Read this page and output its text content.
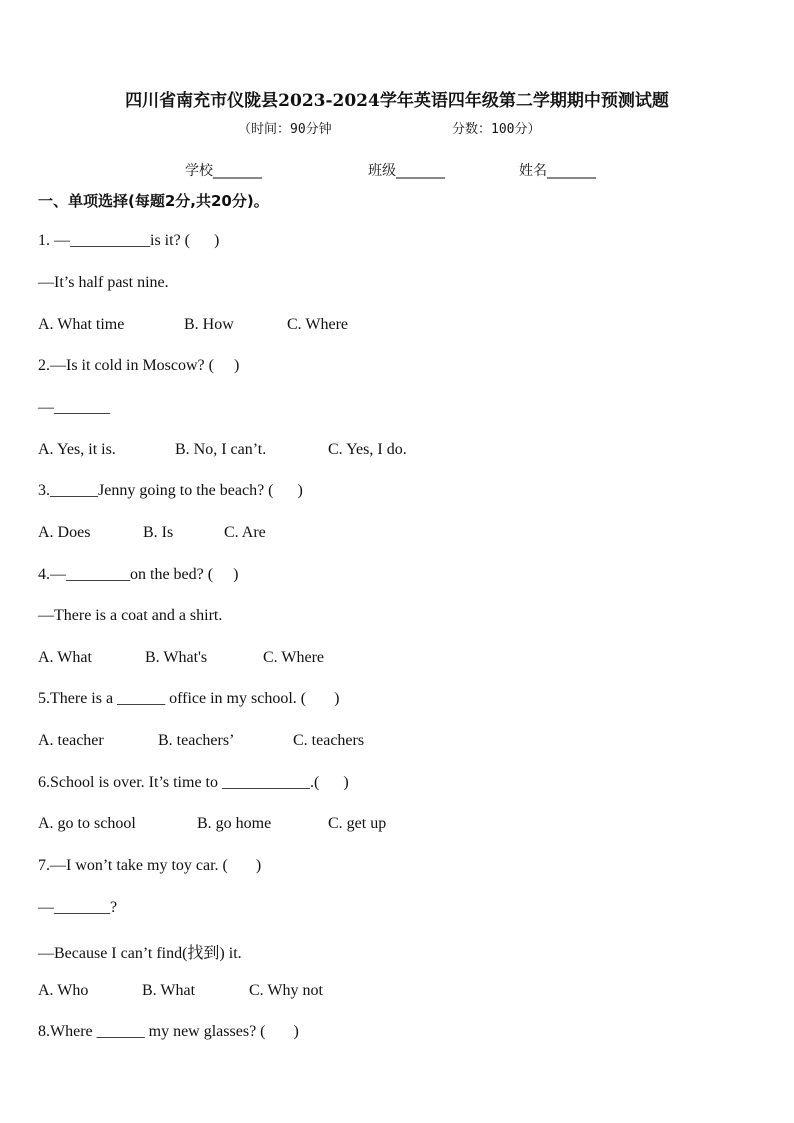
四川省南充市仪陇县2023-2024学年英语四年级第二学期期中预测试题
（时间：90分钟	分数：100分）
学校_______	班级_______	姓名_______
一、单项选择(每题2分,共20分)。
1. —__________is it? (      )
—It’s half past nine.
A. What time	B. How	C. Where
2.—Is it cold in Moscow? (     )
—_______
A. Yes, it is.	B. No, I can’t.	C. Yes, I do.
3.______Jenny going to the beach? (      )
A. Does	B. Is	C. Are
4.—________on the bed? (     )
—There is a coat and a shirt.
A. What	B. What's	C. Where
5.There is a ______ office in my school. (       )
A. teacher	B. teachers’	C. teachers
6.School is over. It’s time to ___________.(      )
A. go to school	B. go home	C. get up
7.—I won’t take my toy car. (       )
—_______?
—Because I can’t find(找到) it.
A. Who	B. What	C. Why not
8.Where ______ my new glasses? (       )
